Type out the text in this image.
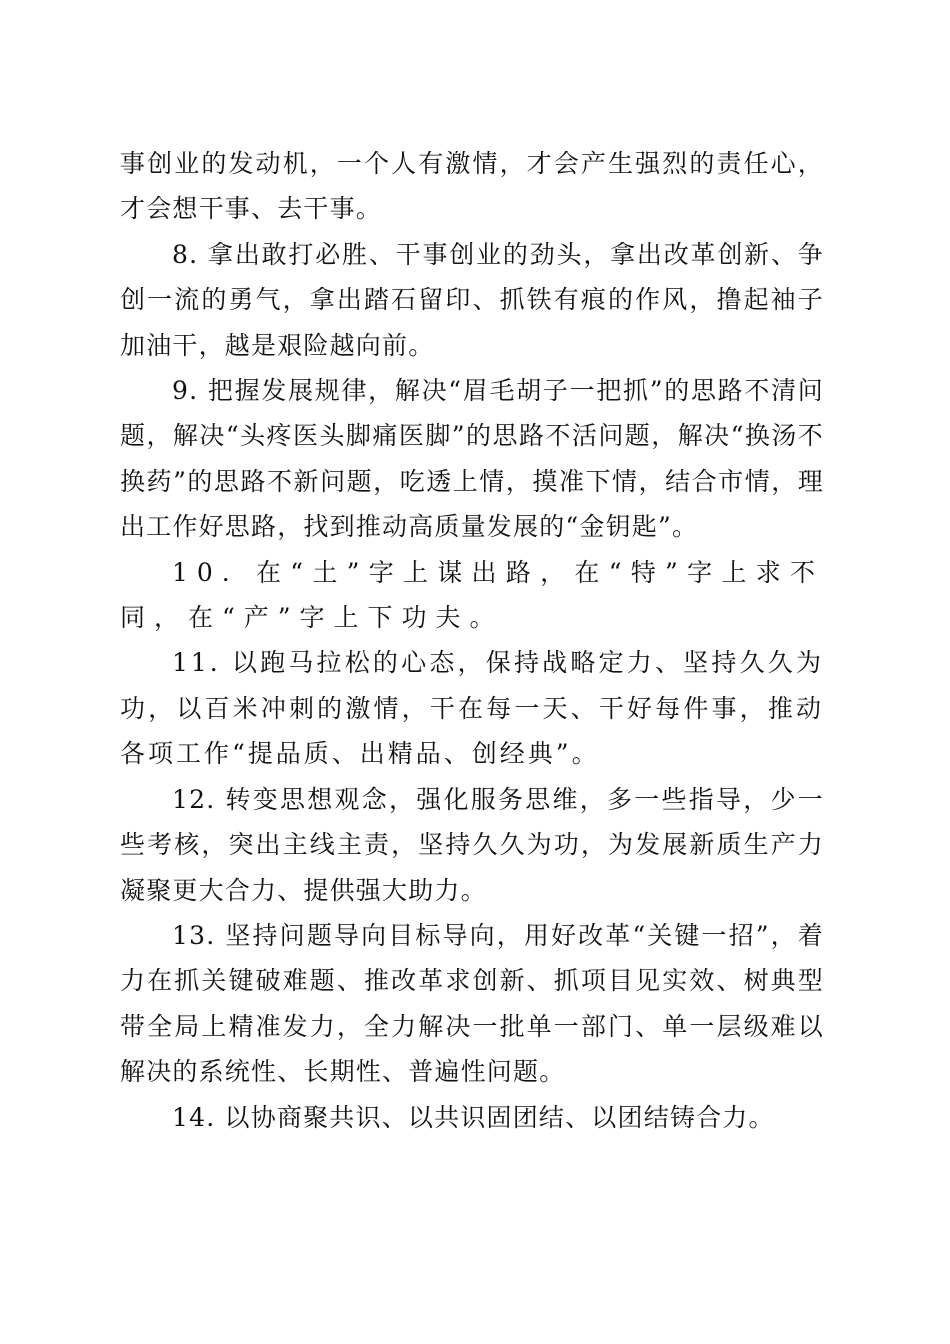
事创业的发动机，一个人有激情，才会产生强烈的责任心，才会想干事、去干事。

8. 拿出敢打必胜、干事创业的劲头，拿出改革创新、争创一流的勇气，拿出踏石留印、抓铁有痕的作风，撸起袖子加油干，越是艰险越向前。

9. 把握发展规律，解决“眉毛胡子一把抓”的思路不清问题，解决“头疼医头脚痛医脚”的思路不活问题，解决“换汤不换药”的思路不新问题，吃透上情，摸准下情，结合市情，理出工作好思路，找到推动高质量发展的“金钥匙”。

10. 在“土”字上谋出路，在“特”字上求不同，在“产”字上下功夫。

11. 以跑马拉松的心态，保持战略定力、坚持久久为功，以百米冲刺的激情，干在每一天、干好每件事，推动各项工作“提品质、出精品、创经典”。

12. 转变思想观念，强化服务思维，多一些指导，少一些考核，突出主线主责，坚持久久为功，为发展新质生产力凝聚更大合力、提供强大助力。

13. 坚持问题导向目标导向，用好改革“关键一招”，着力在抓关键破难题、推改革求创新、抓项目见实效、树典型带全局上精准发力，全力解决一批单一部门、单一层级难以解决的系统性、长期性、普遍性问题。

14. 以协商聚共识、以共识固团结、以团结铸合力。
